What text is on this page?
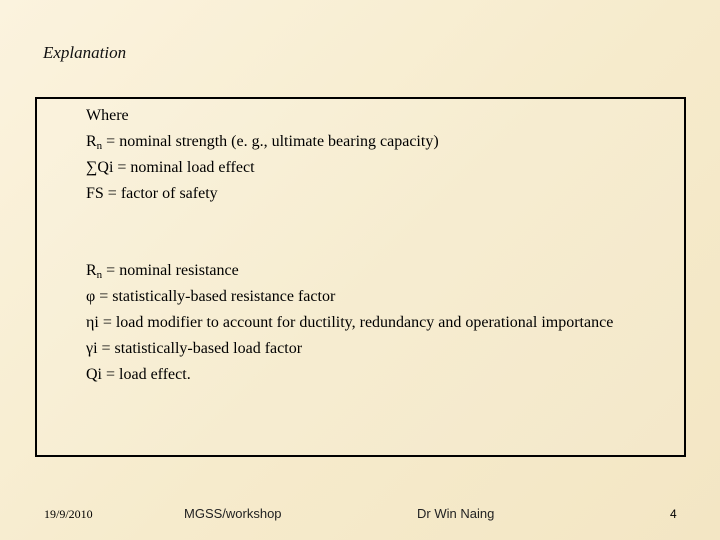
Explanation
Where
$R_n$ = nominal strength (e. g., ultimate bearing capacity)
∑Qi = nominal load effect
FS = factor of safety
$R_n$ = nominal resistance
φ = statistically-based resistance factor
ηi = load modifier to account for ductility, redundancy and operational importance
γi = statistically-based load factor
Qi = load effect.
19/9/2010	MGSS/workshop	Dr Win Naing	4
